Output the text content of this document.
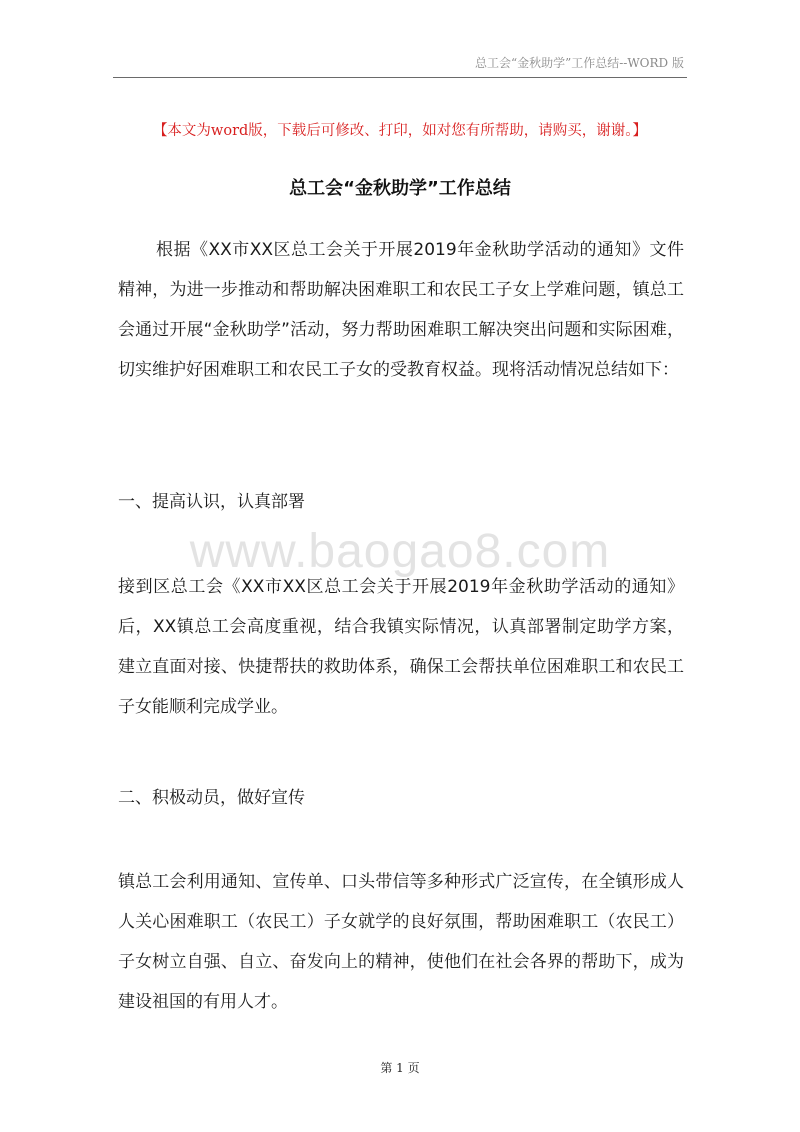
总工会“金秋助学”工作总结--WORD 版
【本文为word版，下载后可修改、打印，如对您有所帮助，请购买，谢谢。】
总工会“金秋助学”工作总结

根据《XX市XX区总工会关于开展2019年金秋助学活动的通知》文件精神，为进一步推动和帮助解决困难职工和农民工子女上学难问题，镇总工会通过开展“金秋助学”活动，努力帮助困难职工解决突出问题和实际困难，切实维护好困难职工和农民工子女的受教育权益。现将活动情况总结如下：

一、提高认识，认真部署

www.baogao8.com

接到区总工会《XX市XX区总工会关于开展2019年金秋助学活动的通知》后，XX镇总工会高度重视，结合我镇实际情况，认真部署制定助学方案，建立直面对接、快捷帮扶的救助体系，确保工会帮扶单位困难职工和农民工子女能顺利完成学业。

二、积极动员，做好宣传

镇总工会利用通知、宣传单、口头带信等多种形式广泛宣传，在全镇形成人人关心困难职工（农民工）子女就学的良好氛围，帮助困难职工（农民工）子女树立自强、自立、奋发向上的精神，使他们在社会各界的帮助下，成为建设祖国的有用人才。

第 1 页
